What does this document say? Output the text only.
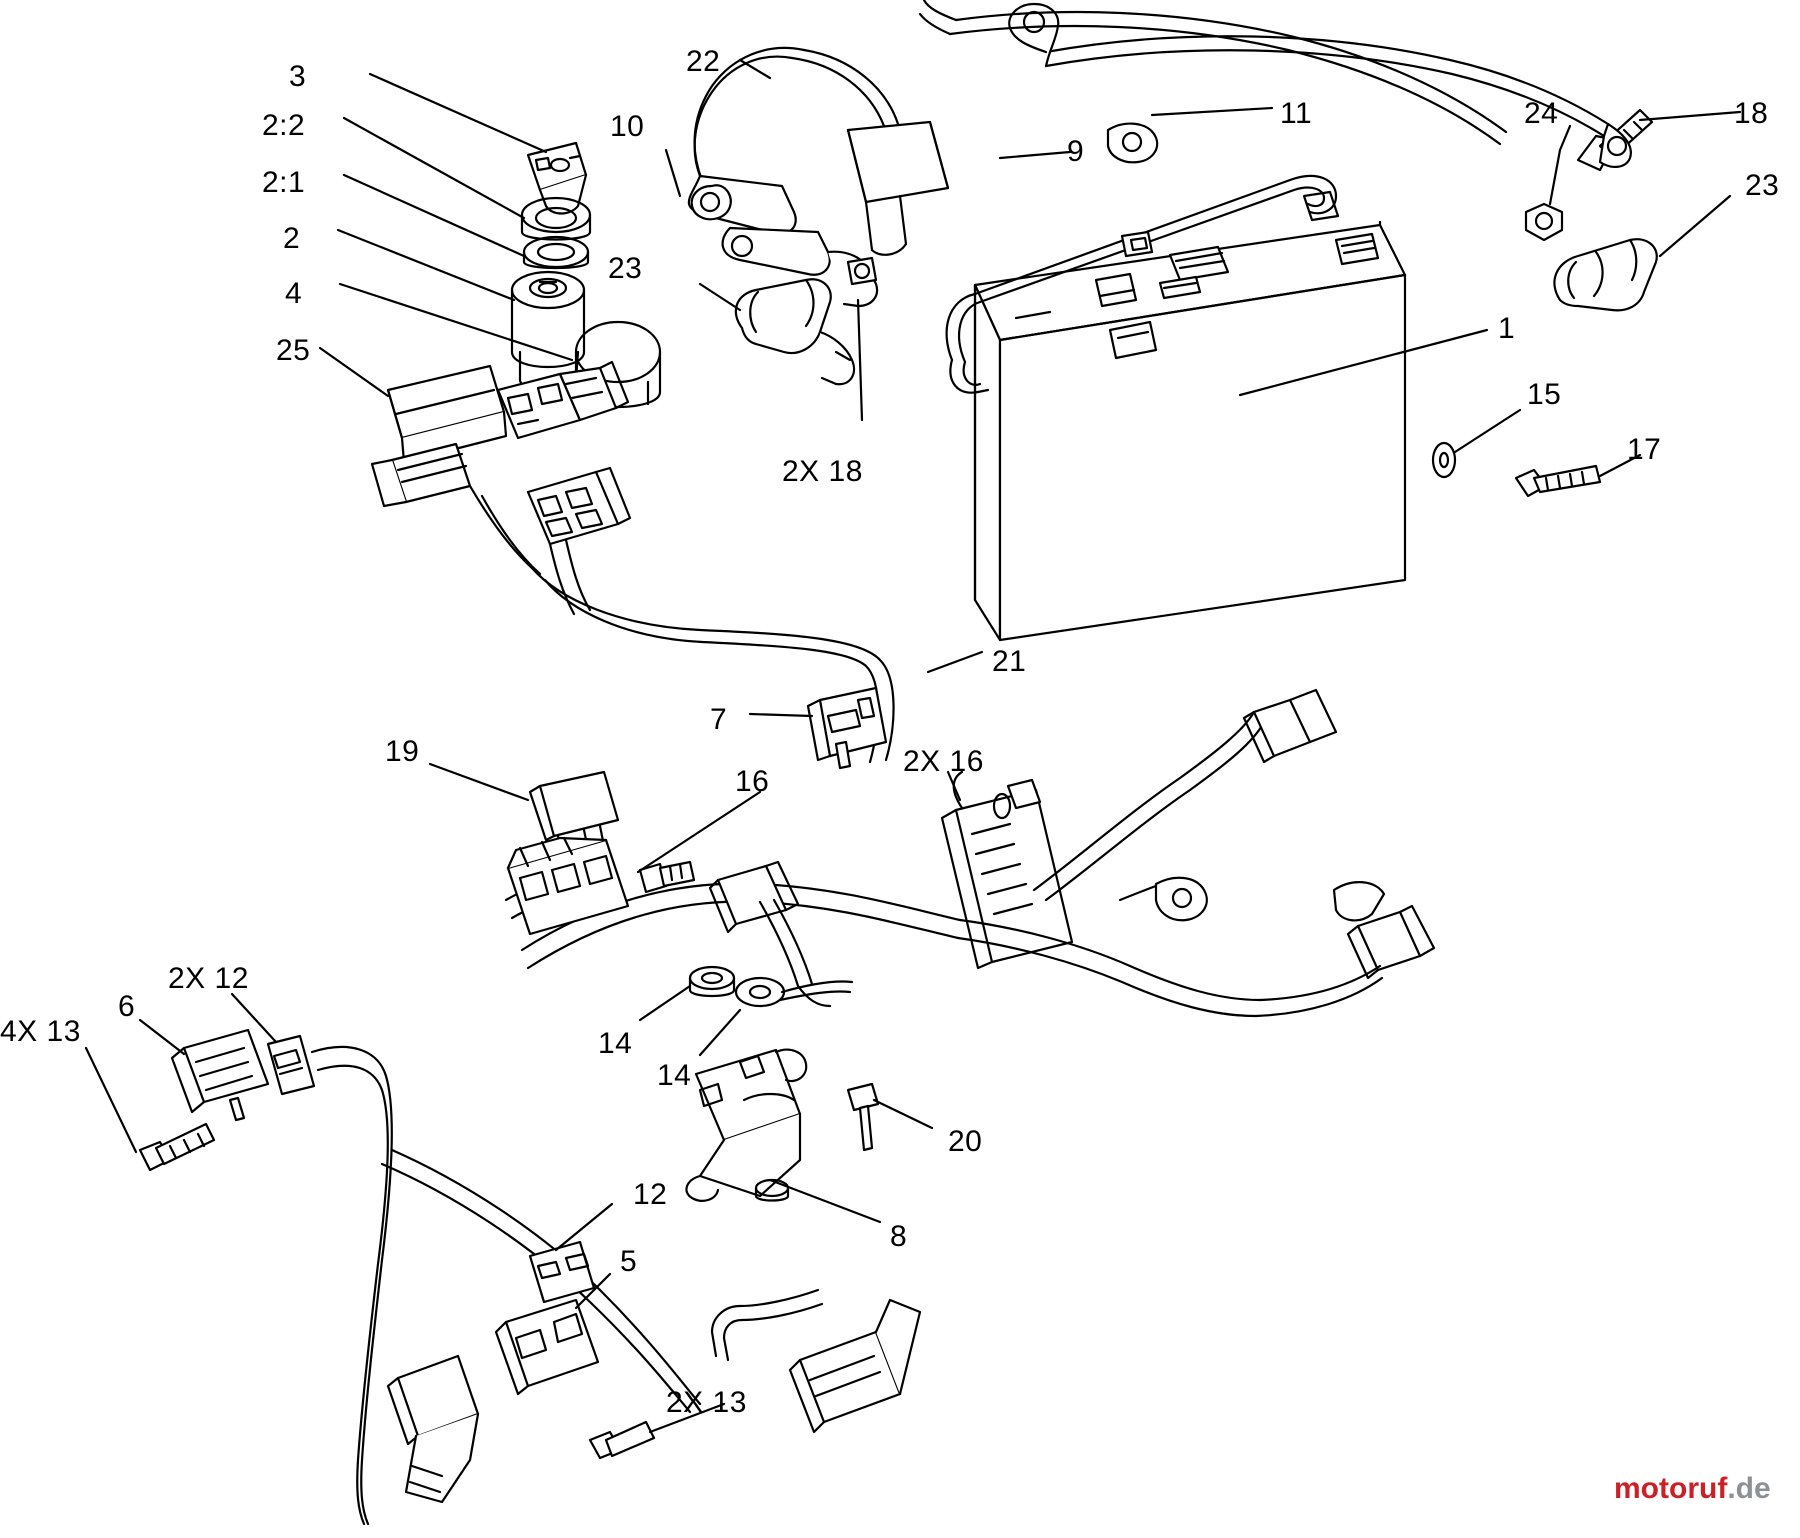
3	22
11	24	18
2:2	10
9
2:1	23
2
23
4
1
25
15
17
2X 18
21
7
2X 16
19
16
2X 12
6
4X 13	14
14
20
8
12
5
2X 13
motoruf.de
